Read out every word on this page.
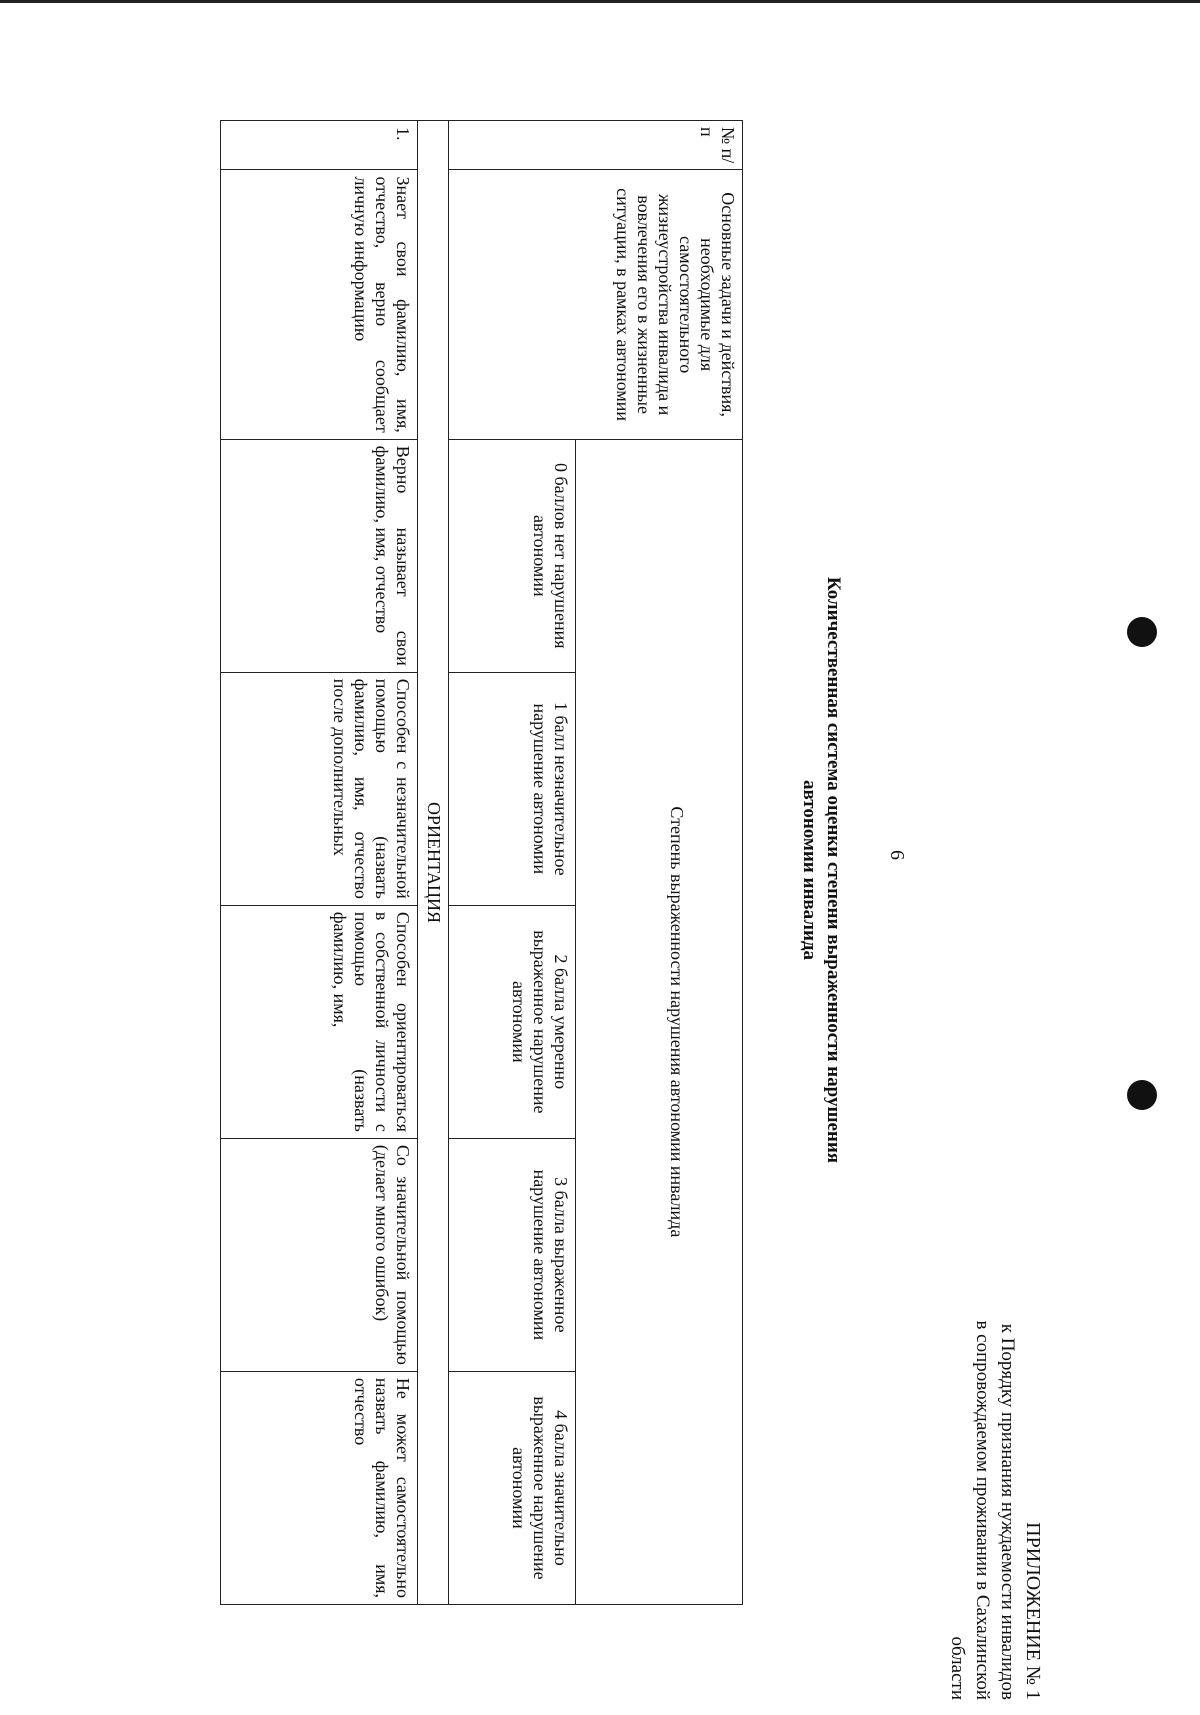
ПРИЛОЖЕНИЕ № 1
к Порядку признания нуждаемости инвалидов
в сопровождаемом проживании в Сахалинской области
6
Количественная система оценки степени выраженности нарушения
автономии инвалида
№ п/п	Основные задачи и действия, необходимые для самостоятельного жизнеустройства инвалида и вовлечения его в жизненные ситуации, в рамках автономии	Степень выраженности нарушения автономии инвалида				
		0 баллов нет нарушения автономии	1 балл незначительное нарушение автономии	2 балла умеренно выраженное нарушение автономии	3 балла выраженное нарушение автономии	4 балла значительно выраженное нарушение автономии
ОРИЕНТАЦИЯ						
1.	Знает свои фамилию, имя, отчество, верно сообщает личную информацию	Верно называет свои фамилию, имя, отчество	Способен с незначительной помощью (назвать фамилию, имя, отчество после дополнительных	Способен ориентироваться в собственной личности с помощью (назвать фамилию, имя,	Со значительной помощью (делает много ошибок)	Не может самостоятельно назвать фамилию, имя, отчество
